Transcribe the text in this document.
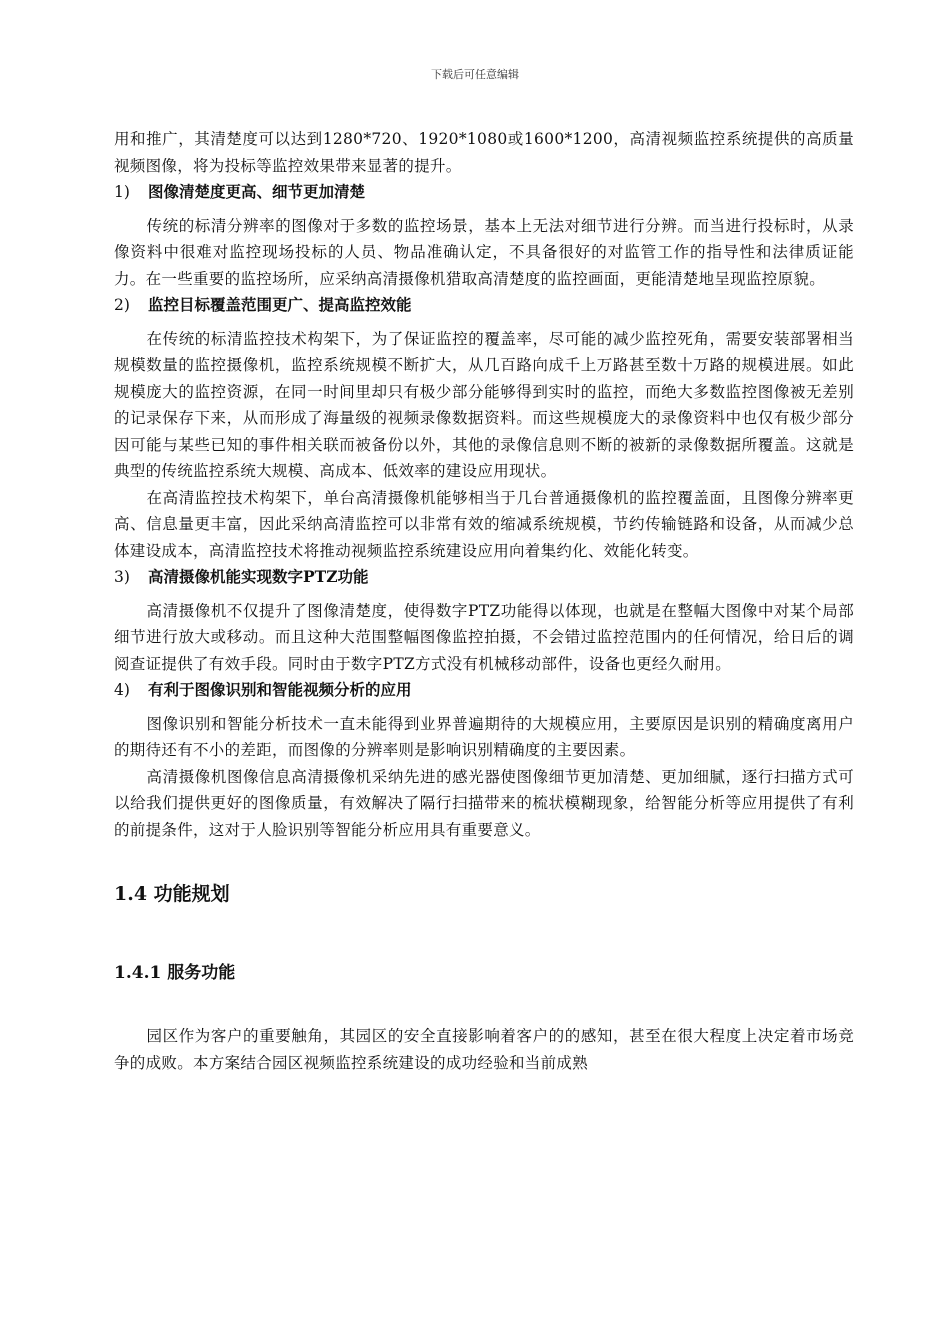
下载后可任意编辑

用和推广，其清楚度可以达到1280*720、1920*1080或1600*1200，高清视频监控系统提供的高质量视频图像，将为投标等监控效果带来显著的提升。

1)	图像清楚度更高、细节更加清楚

传统的标清分辨率的图像对于多数的监控场景，基本上无法对细节进行分辨。而当进行投标时，从录像资料中很难对监控现场投标的人员、物品准确认定，不具备很好的对监管工作的指导性和法律质证能力。在一些重要的监控场所，应采纳高清摄像机猎取高清楚度的监控画面，更能清楚地呈现监控原貌。

2)	监控目标覆盖范围更广、提高监控效能

在传统的标清监控技术构架下，为了保证监控的覆盖率，尽可能的减少监控死角，需要安装部署相当规模数量的监控摄像机，监控系统规模不断扩大，从几百路向成千上万路甚至数十万路的规模进展。如此规模庞大的监控资源，在同一时间里却只有极少部分能够得到实时的监控，而绝大多数监控图像被无差别的记录保存下来，从而形成了海量级的视频录像数据资料。而这些规模庞大的录像资料中也仅有极少部分因可能与某些已知的事件相关联而被备份以外，其他的录像信息则不断的被新的录像数据所覆盖。这就是典型的传统监控系统大规模、高成本、低效率的建设应用现状。

在高清监控技术构架下，单台高清摄像机能够相当于几台普通摄像机的监控覆盖面，且图像分辨率更高、信息量更丰富，因此采纳高清监控可以非常有效的缩减系统规模，节约传输链路和设备，从而减少总体建设成本，高清监控技术将推动视频监控系统建设应用向着集约化、效能化转变。

3)	高清摄像机能实现数字PTZ功能

高清摄像机不仅提升了图像清楚度，使得数字PTZ功能得以体现，也就是在整幅大图像中对某个局部细节进行放大或移动。而且这种大范围整幅图像监控拍摄，不会错过监控范围内的任何情况，给日后的调阅查证提供了有效手段。同时由于数字PTZ方式没有机械移动部件，设备也更经久耐用。

4)	有利于图像识别和智能视频分析的应用

图像识别和智能分析技术一直未能得到业界普遍期待的大规模应用，主要原因是识别的精确度离用户的期待还有不小的差距，而图像的分辨率则是影响识别精确度的主要因素。

高清摄像机图像信息高清摄像机采纳先进的感光器使图像细节更加清楚、更加细腻，逐行扫描方式可以给我们提供更好的图像质量，有效解决了隔行扫描带来的梳状模糊现象，给智能分析等应用提供了有利的前提条件，这对于人脸识别等智能分析应用具有重要意义。

1.4 功能规划
1.4.1 服务功能

园区作为客户的重要触角，其园区的安全直接影响着客户的的感知，甚至在很大程度上决定着市场竞争的成败。本方案结合园区视频监控系统建设的成功经验和当前成熟
